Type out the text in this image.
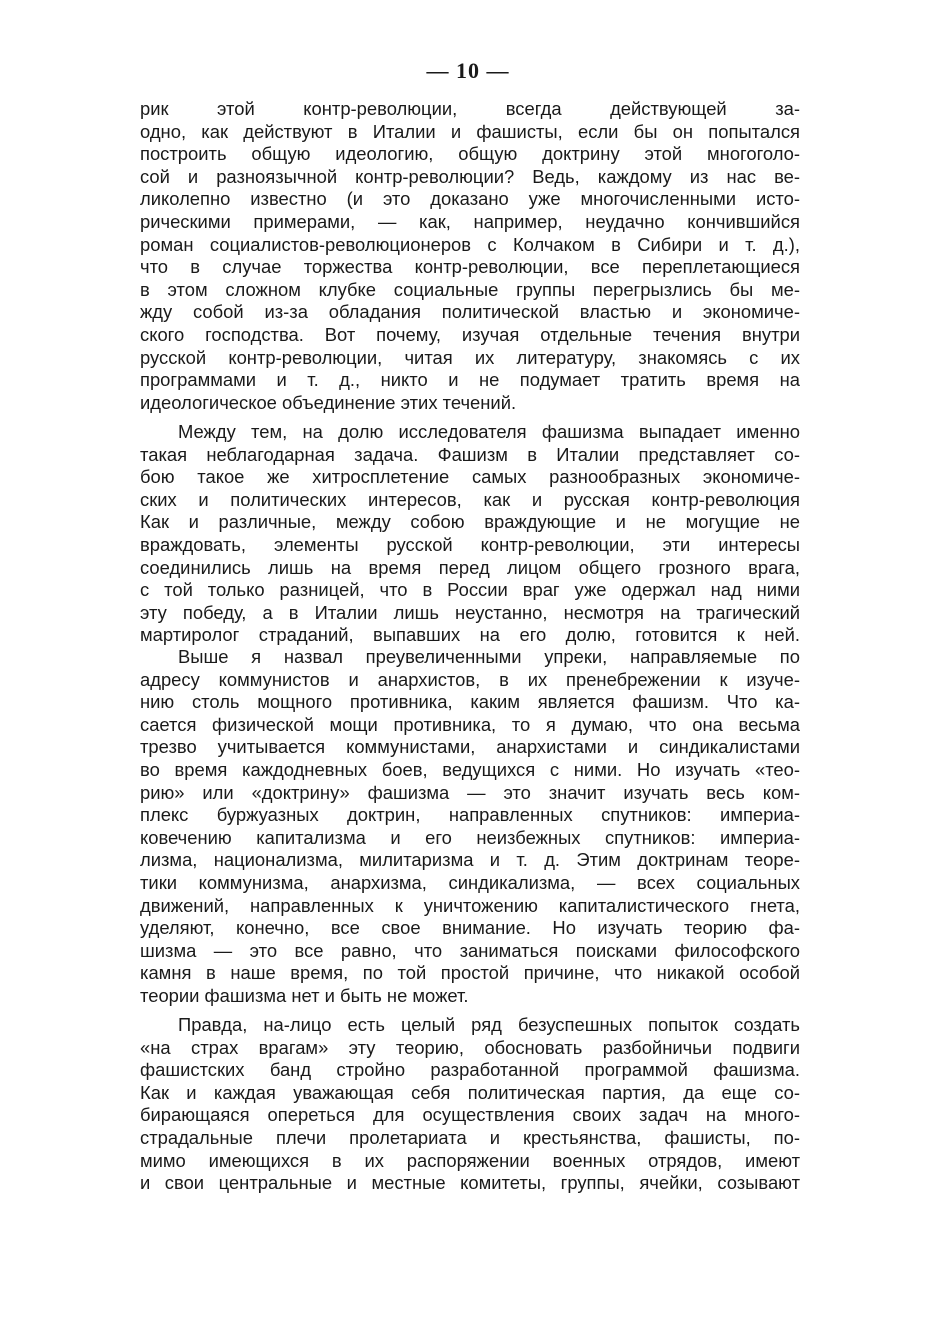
— 10 —
рик этой контр-революции, всегда действующей за-
одно, как действуют в Италии и фашисты, если бы он попытался
построить общую идеологию, общую доктрину этой многоголо-
сой и разноязычной контр-революции? Ведь, каждому из нас ве-
ликолепно известно (и это доказано уже многочисленными исто-
рическими примерами, — как, например, неудачно кончившийся
роман социалистов-революционеров с Колчаком в Сибири и т. д.),
что в случае торжества контр-революции, все переплетающиеся
в этом сложном клубке социальные группы перегрызлись бы ме-
жду собой из-за обладания политической властью и экономиче-
ского господства. Вот почему, изучая отдельные течения внутри
русской контр-революции, читая их литературу, знакомясь с их
программами и т. д., никто и не подумает тратить время на
идеологическое объединение этих течений.
Между тем, на долю исследователя фашизма выпадает именно
такая неблагодарная задача. Фашизм в Италии представляет со-
бою такое же хитросплетение самых разнообразных экономиче-
ских и политических интересов, как и русская контр-революция
Как и различные, между собою враждующие и не могущие не
враждовать, элементы русской контр-революции, эти интересы
соединились лишь на время перед лицом общего грозного врага,
с той только разницей, что в России враг уже одержал над ними
эту победу, а в Италии лишь неустанно, несмотря на трагический
мартиролог страданий, выпавших на его долю, готовится к ней.
Выше я назвал преувеличенными упреки, направляемые по
адресу коммунистов и анархистов, в их пренебрежении к изуче-
нию столь мощного противника, каким является фашизм. Что ка-
сается физической мощи противника, то я думаю, что она весьма
трезво учитывается коммунистами, анархистами и синдикалистами
во время каждодневных боев, ведущихся с ними. Но изучать «тео-
рию» или «доктрину» фашизма — это значит изучать весь ком-
плекс буржуазных доктрин, направленных спутников: империа-
ковечению капитализма и его неизбежных спутников: империа-
лизма, национализма, милитаризма и т. д. Этим доктринам теоре-
тики коммунизма, анархизма, синдикализма, — всех социальных
движений, направленных к уничтожению капиталистического гнета,
уделяют, конечно, все свое внимание. Но изучать теорию фа-
шизма — это все равно, что заниматься поисками философского
камня в наше время, по той простой причине, что никакой особой
теории фашизма нет и быть не может.
Правда, на-лицо есть целый ряд безуспешных попыток создать
«на страх врагам» эту теорию, обосновать разбойничьи подвиги
фашистских банд стройно разработанной программой фашизма.
Как и каждая уважающая себя политическая партия, да еще со-
бирающаяся опереться для осуществления своих задач на много-
страдальные плечи пролетариата и крестьянства, фашисты, по-
мимо имеющихся в их распоряжении военных отрядов, имеют
и свои центральные и местные комитеты, группы, ячейки, созывают
